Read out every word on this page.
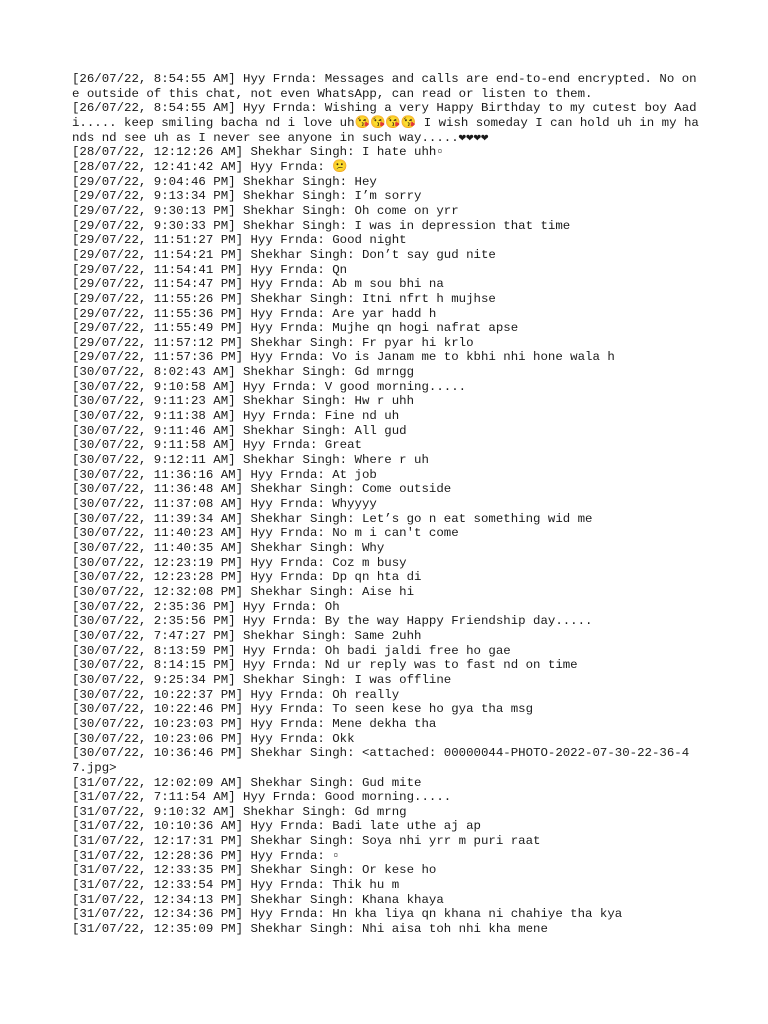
[26/07/22, 8:54:55 AM] Hyy Frnda: Messages and calls are end-to-end encrypted. No one outside of this chat, not even WhatsApp, can read or listen to them.

[26/07/22, 8:54:55 AM] Hyy Frnda: Wishing a very Happy Birthday to my cutest boy Aadi..... keep smiling bacha nd i love uh😘😘😘😘 I wish someday I can hold uh in my hands nd see uh as I never see anyone in such way.....❤❤❤❤

[28/07/22, 12:12:26 AM] Shekhar Singh: I hate uhh▫

[28/07/22, 12:41:42 AM] Hyy Frnda: 😕

[29/07/22, 9:04:46 PM] Shekhar Singh: Hey

[29/07/22, 9:13:34 PM] Shekhar Singh: I’m sorry

[29/07/22, 9:30:13 PM] Shekhar Singh: Oh come on yrr

[29/07/22, 9:30:33 PM] Shekhar Singh: I was in depression that time

[29/07/22, 11:51:27 PM] Hyy Frnda: Good night

[29/07/22, 11:54:21 PM] Shekhar Singh: Don’t say gud nite

[29/07/22, 11:54:41 PM] Hyy Frnda: Qn

[29/07/22, 11:54:47 PM] Hyy Frnda: Ab m sou bhi na

[29/07/22, 11:55:26 PM] Shekhar Singh: Itni nfrt h mujhse

[29/07/22, 11:55:36 PM] Hyy Frnda: Are yar hadd h

[29/07/22, 11:55:49 PM] Hyy Frnda: Mujhe qn hogi nafrat apse

[29/07/22, 11:57:12 PM] Shekhar Singh: Fr pyar hi krlo

[29/07/22, 11:57:36 PM] Hyy Frnda: Vo is Janam me to kbhi nhi hone wala h

[30/07/22, 8:02:43 AM] Shekhar Singh: Gd mrngg

[30/07/22, 9:10:58 AM] Hyy Frnda: V good morning.....

[30/07/22, 9:11:23 AM] Shekhar Singh: Hw r uhh

[30/07/22, 9:11:38 AM] Hyy Frnda: Fine nd uh

[30/07/22, 9:11:46 AM] Shekhar Singh: All gud

[30/07/22, 9:11:58 AM] Hyy Frnda: Great

[30/07/22, 9:12:11 AM] Shekhar Singh: Where r uh

[30/07/22, 11:36:16 AM] Hyy Frnda: At job

[30/07/22, 11:36:48 AM] Shekhar Singh: Come outside

[30/07/22, 11:37:08 AM] Hyy Frnda: Whyyyy

[30/07/22, 11:39:34 AM] Shekhar Singh: Let’s go n eat something wid me

[30/07/22, 11:40:23 AM] Hyy Frnda: No m i can't come

[30/07/22, 11:40:35 AM] Shekhar Singh: Why

[30/07/22, 12:23:19 PM] Hyy Frnda: Coz m busy

[30/07/22, 12:23:28 PM] Hyy Frnda: Dp qn hta di

[30/07/22, 12:32:08 PM] Shekhar Singh: Aise hi

[30/07/22, 2:35:36 PM] Hyy Frnda: Oh

[30/07/22, 2:35:56 PM] Hyy Frnda: By the way Happy Friendship day.....

[30/07/22, 7:47:27 PM] Shekhar Singh: Same 2uhh

[30/07/22, 8:13:59 PM] Hyy Frnda: Oh badi jaldi free ho gae

[30/07/22, 8:14:15 PM] Hyy Frnda: Nd ur reply was to fast nd on time

[30/07/22, 9:25:34 PM] Shekhar Singh: I was offline

[30/07/22, 10:22:37 PM] Hyy Frnda: Oh really

[30/07/22, 10:22:46 PM] Hyy Frnda: To seen kese ho gya tha msg

[30/07/22, 10:23:03 PM] Hyy Frnda: Mene dekha tha

[30/07/22, 10:23:06 PM] Hyy Frnda: Okk

[30/07/22, 10:36:46 PM] Shekhar Singh: <attached: 00000044-PHOTO-2022-07-30-22-36-47.jpg>

[31/07/22, 12:02:09 AM] Shekhar Singh: Gud mite

[31/07/22, 7:11:54 AM] Hyy Frnda: Good morning.....

[31/07/22, 9:10:32 AM] Shekhar Singh: Gd mrng

[31/07/22, 10:10:36 AM] Hyy Frnda: Badi late uthe aj ap

[31/07/22, 12:17:31 PM] Shekhar Singh: Soya nhi yrr m puri raat

[31/07/22, 12:28:36 PM] Hyy Frnda: ▫

[31/07/22, 12:33:35 PM] Shekhar Singh: Or kese ho

[31/07/22, 12:33:54 PM] Hyy Frnda: Thik hu m

[31/07/22, 12:34:13 PM] Shekhar Singh: Khana khaya

[31/07/22, 12:34:36 PM] Hyy Frnda: Hn kha liya qn khana ni chahiye tha kya

[31/07/22, 12:35:09 PM] Shekhar Singh: Nhi aisa toh nhi kha mene
